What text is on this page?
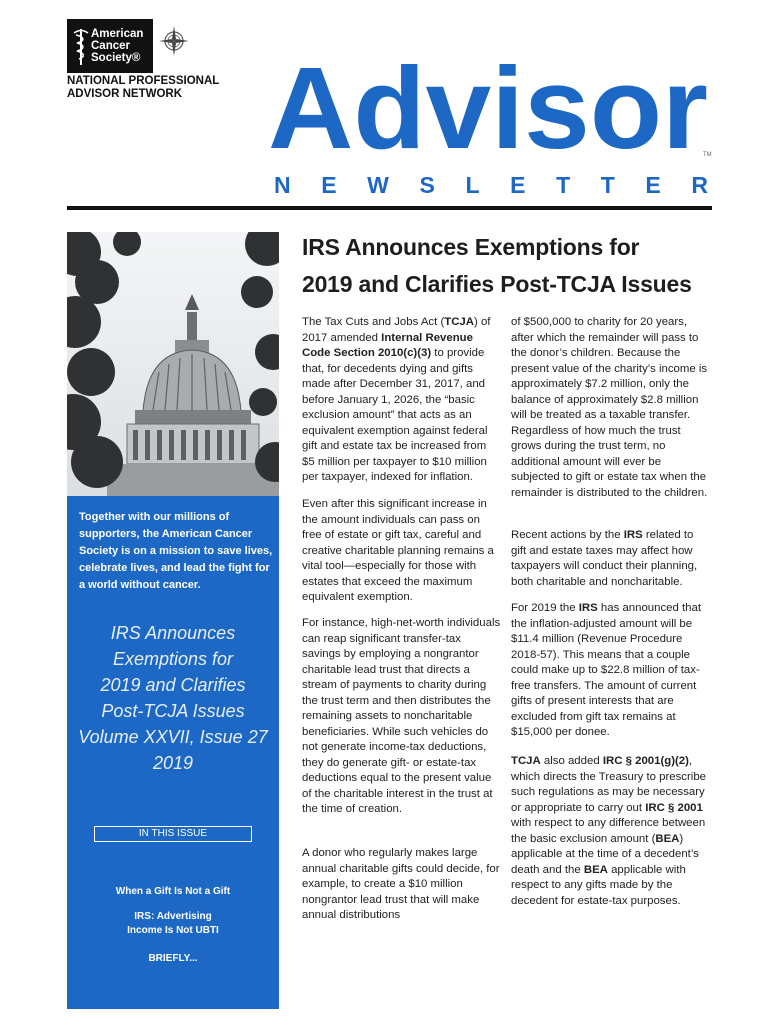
American
Cancer
Society®
NATIONAL PROFESSIONAL
ADVISOR NETWORK Advisor
TM
NEWSLETTER
Together with our millions of supporters, the American Cancer Society is on a mission to save lives, celebrate lives, and lead the fight for a world without cancer.
IRS Announces
Exemptions for
2019 and Clarifies
Post-TCJA Issues
Volume XXVII, Issue 27
2019
IN THIS ISSUE
When a Gift Is Not a Gift
IRS: Advertising Income Is Not UBTI
BRIEFLY...
IRS Announces Exemptions for
2019 and Clarifies Post-TCJA Issues

The Tax Cuts and Jobs Act (TCJA) of 2017 amended Internal Revenue Code Section 2010(c)(3) to provide that, for decedents dying and gifts made after December 31, 2017, and before January 1, 2026, the “basic exclusion amount” that acts as an equivalent exemption against federal gift and estate tax be increased from $5 million per taxpayer to $10 million per taxpayer, indexed for inflation.

Even after this significant increase in the amount individuals can pass on free of estate or gift tax, careful and creative charitable planning remains a vital tool—especially for those with estates that exceed the maximum equivalent exemption.

For instance, high-net-worth individuals can reap significant transfer-tax savings by employing a nongrantor charitable lead trust that directs a stream of payments to charity during the trust term and then distributes the remaining assets to noncharitable beneficiaries. While such vehicles do not generate income-tax deductions, they do generate gift- or estate-tax deductions equal to the present value of the charitable interest in the trust at the time of creation.

A donor who regularly makes large annual charitable gifts could decide, for example, to create a $10 million nongrantor lead trust that will make annual distributions

of $500,000 to charity for 20 years, after which the remainder will pass to the donor’s children. Because the present value of the charity’s income is approximately $7.2 million, only the balance of approximately $2.8 million will be treated as a taxable transfer. Regardless of how much the trust grows during the trust term, no additional amount will ever be subjected to gift or estate tax when the remainder is distributed to the children.

Recent actions by the IRS related to gift and estate taxes may affect how taxpayers will conduct their planning, both charitable and noncharitable.

For 2019 the IRS has announced that the inflation-adjusted amount will be $11.4 million (Revenue Procedure 2018-57). This means that a couple could make up to $22.8 million of tax-free transfers. The amount of current gifts of present interests that are excluded from gift tax remains at $15,000 per donee.

TCJA also added IRC § 2001(g)(2), which directs the Treasury to prescribe such regulations as may be necessary or appropriate to carry out IRC § 2001 with respect to any difference between the basic exclusion amount (BEA) applicable at the time of a decedent’s death and the BEA applicable with respect to any gifts made by the decedent for estate-tax purposes.
